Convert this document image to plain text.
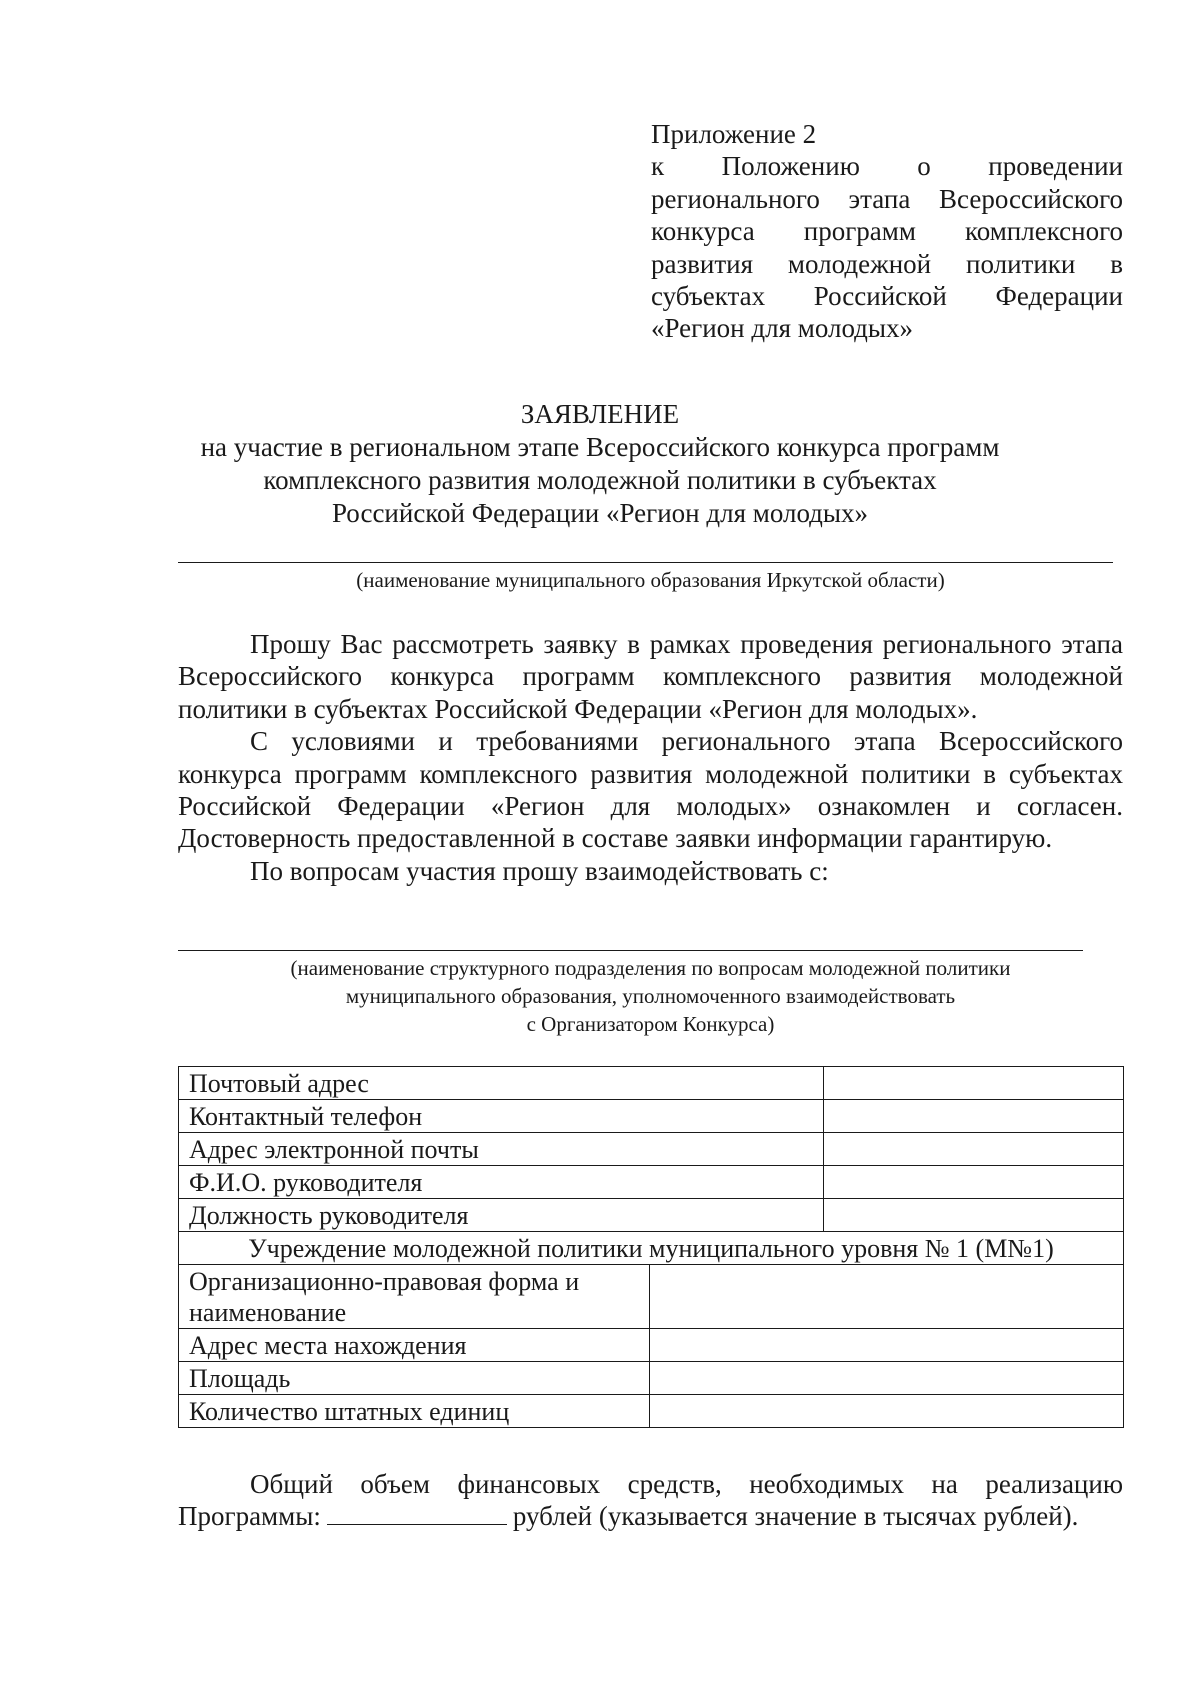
Приложение 2
к Положению о проведении
регионального этапа Всероссийского
конкурса программ комплексного
развития молодежной политики в
субъектах Российской Федерации
«Регион для молодых»
ЗАЯВЛЕНИЕ
на участие в региональном этапе Всероссийского конкурса программ
комплексного развития молодежной политики в субъектах
Российской Федерации «Регион для молодых»
(наименование муниципального образования Иркутской области)

Прошу Вас рассмотреть заявку в рамках проведения регионального этапа Всероссийского конкурса программ комплексного развития молодежной политики в субъектах Российской Федерации «Регион для молодых».

С условиями и требованиями регионального этапа Всероссийского конкурса программ комплексного развития молодежной политики в субъектах Российской Федерации «Регион для молодых» ознакомлен и согласен. Достоверность предоставленной в составе заявки информации гарантирую.

По вопросам участия прошу взаимодействовать с:

(наименование структурного подразделения по вопросам молодежной политики
муниципального образования, уполномоченного взаимодействовать
с Организатором Конкурса)
Почтовый адрес		
Контактный телефон		
Адрес электронной почты		
Ф.И.О. руководителя		
Должность руководителя		
Учреждение молодежной политики муниципального уровня № 1 (М№1)		
Организационно-правовая форма и наименование		
Адрес места нахождения		
Площадь		
Количество штатных единиц		

Общий объем финансовых средств, необходимых на реализацию

Программы:	рублей (указывается значение в тысячах рублей).
